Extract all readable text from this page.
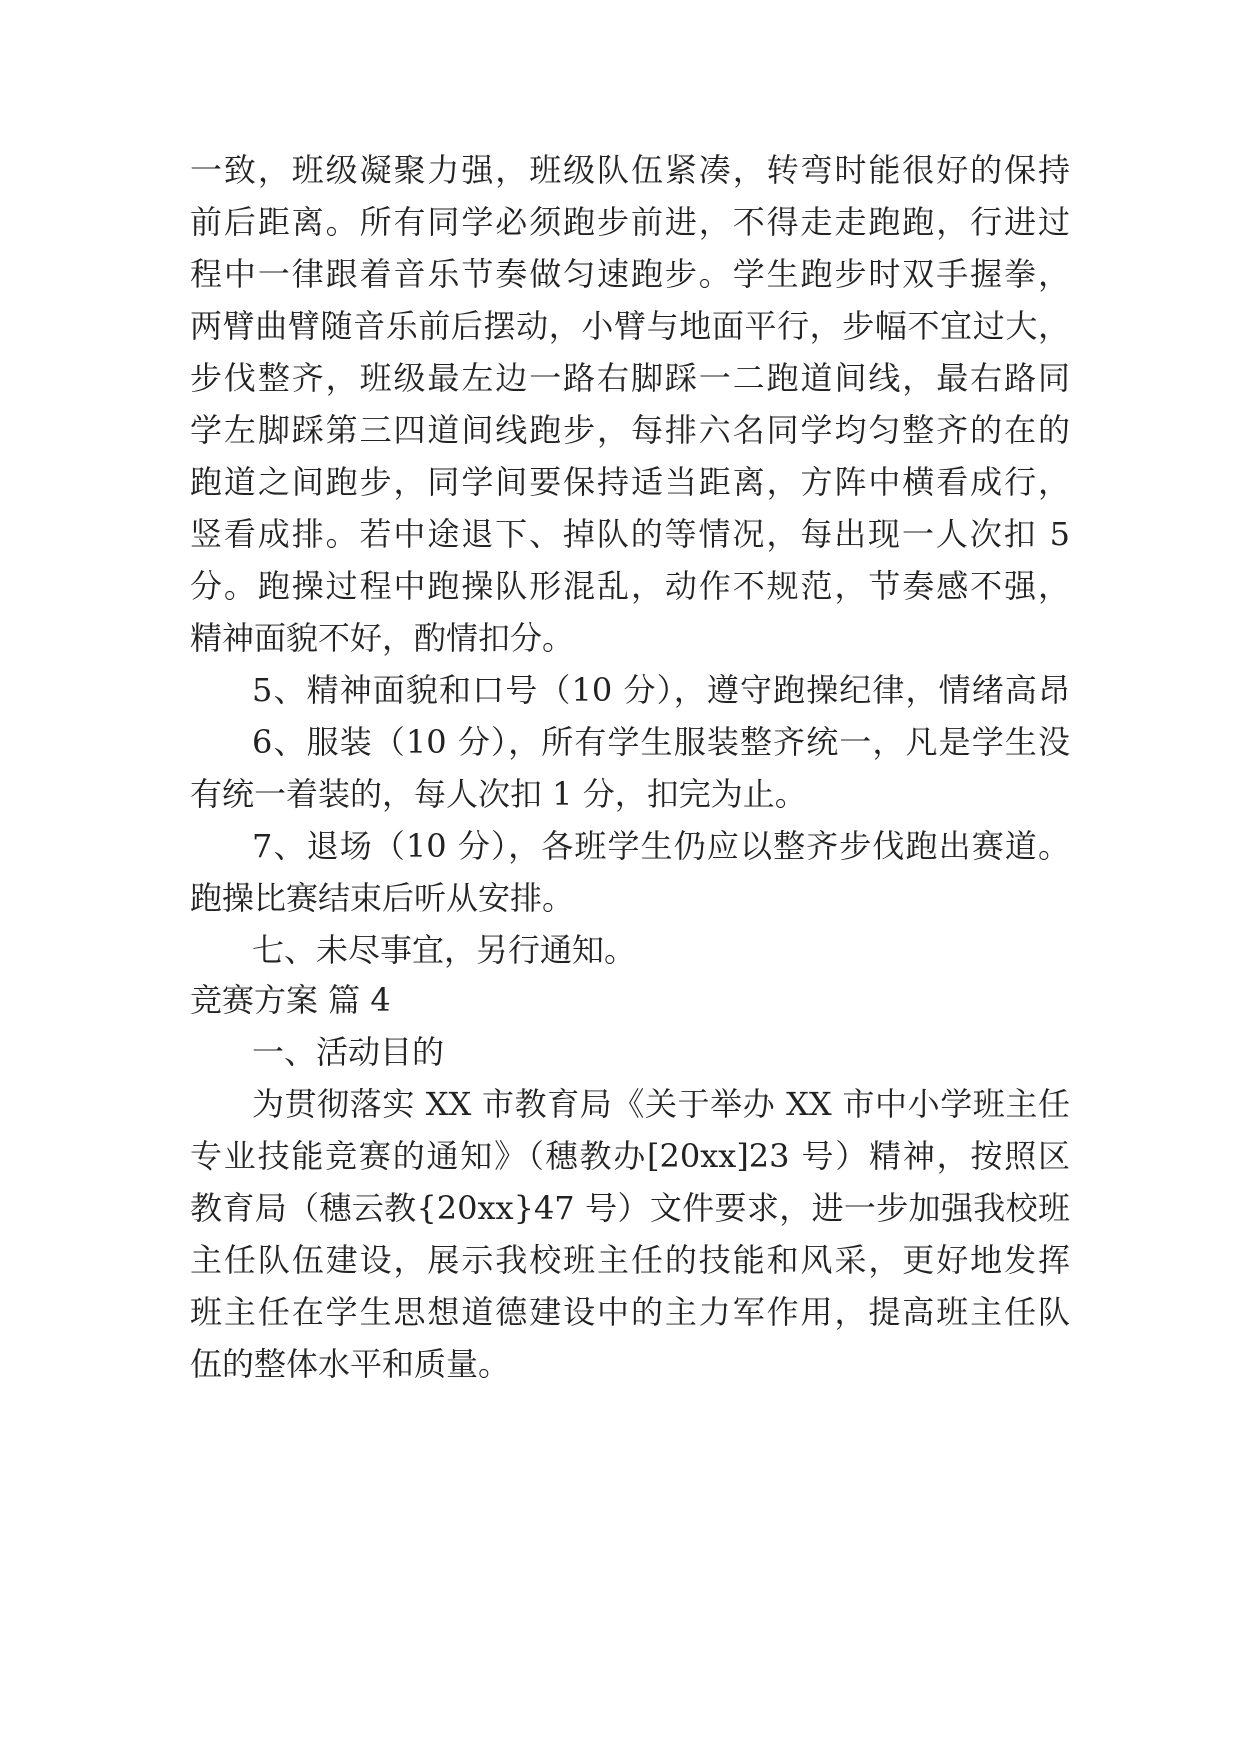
一致，班级凝聚力强，班级队伍紧凑，转弯时能很好的保持
前后距离。所有同学必须跑步前进，不得走走跑跑，行进过
程中一律跟着音乐节奏做匀速跑步。学生跑步时双手握拳，
两臂曲臂随音乐前后摆动，小臂与地面平行，步幅不宜过大，
步伐整齐，班级最左边一路右脚踩一二跑道间线，最右路同
学左脚踩第三四道间线跑步，每排六名同学均匀整齐的在的
跑道之间跑步，同学间要保持适当距离，方阵中横看成行，
竖看成排。若中途退下、掉队的等情况，每出现一人次扣 5
分。跑操过程中跑操队形混乱，动作不规范，节奏感不强，
精神面貌不好，酌情扣分。
5、精神面貌和口号（10 分），遵守跑操纪律，情绪高昂
6、服装（10 分），所有学生服装整齐统一，凡是学生没
有统一着装的，每人次扣 1 分，扣完为止。
7、退场（10 分），各班学生仍应以整齐步伐跑出赛道。
跑操比赛结束后听从安排。
七、未尽事宜，另行通知。
竞赛方案 篇 4
一、活动目的
为贯彻落实 XX 市教育局《关于举办 XX 市中小学班主任
专业技能竞赛的通知》（穗教办[20xx]23 号）精神，按照区
教育局（穗云教{20xx}47 号）文件要求，进一步加强我校班
主任队伍建设，展示我校班主任的技能和风采，更好地发挥
班主任在学生思想道德建设中的主力军作用，提高班主任队
伍的整体水平和质量。
